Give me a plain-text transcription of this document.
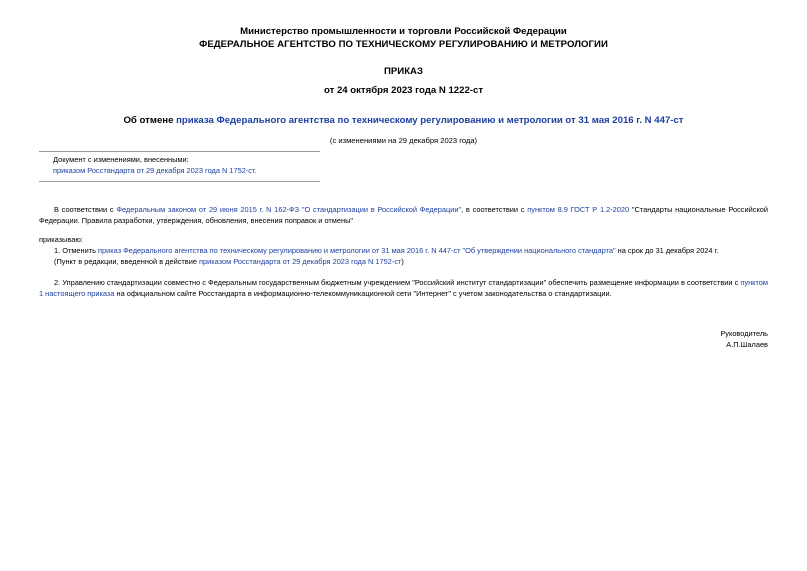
Министерство промышленности и торговли Российской Федерации
ФЕДЕРАЛЬНОЕ АГЕНТСТВО ПО ТЕХНИЧЕСКОМУ РЕГУЛИРОВАНИЮ И МЕТРОЛОГИИ
ПРИКАЗ
от 24 октября 2023 года N 1222-ст
Об отмене приказа Федерального агентства по техническому регулированию и метрологии от 31 мая 2016 г. N 447-ст
(с изменениями на 29 декабря 2023 года)
Документ с изменениями, внесенными:
приказом Росстандарта от 29 декабря 2023 года N 1752-ст.
В соответствии с Федеральным законом от 29 июня 2015 г. N 162-ФЗ "О стандартизации в Российской Федерации", в соответствии с пунктом 8.9 ГОСТ Р 1.2-2020 "Стандарты национальные Российской Федерации. Правила разработки, утверждения, обновления, внесения поправок и отмены"
приказываю:
1. Отменить приказ Федерального агентства по техническому регулированию и метрологии от 31 мая 2016 г. N 447-ст "Об утверждении национального стандарта" на срок до 31 декабря 2024 г.
(Пункт в редакции, введенной в действие приказом Росстандарта от 29 декабря 2023 года N 1752-ст)
2. Управлению стандартизации совместно с Федеральным государственным бюджетным учреждением "Российский институт стандартизации" обеспечить размещение информации в соответствии с пунктом 1 настоящего приказа на официальном сайте Росстандарта в информационно-телекоммуникационной сети "Интернет" с учетом законодательства о стандартизации.
Руководитель
А.П.Шалаев
